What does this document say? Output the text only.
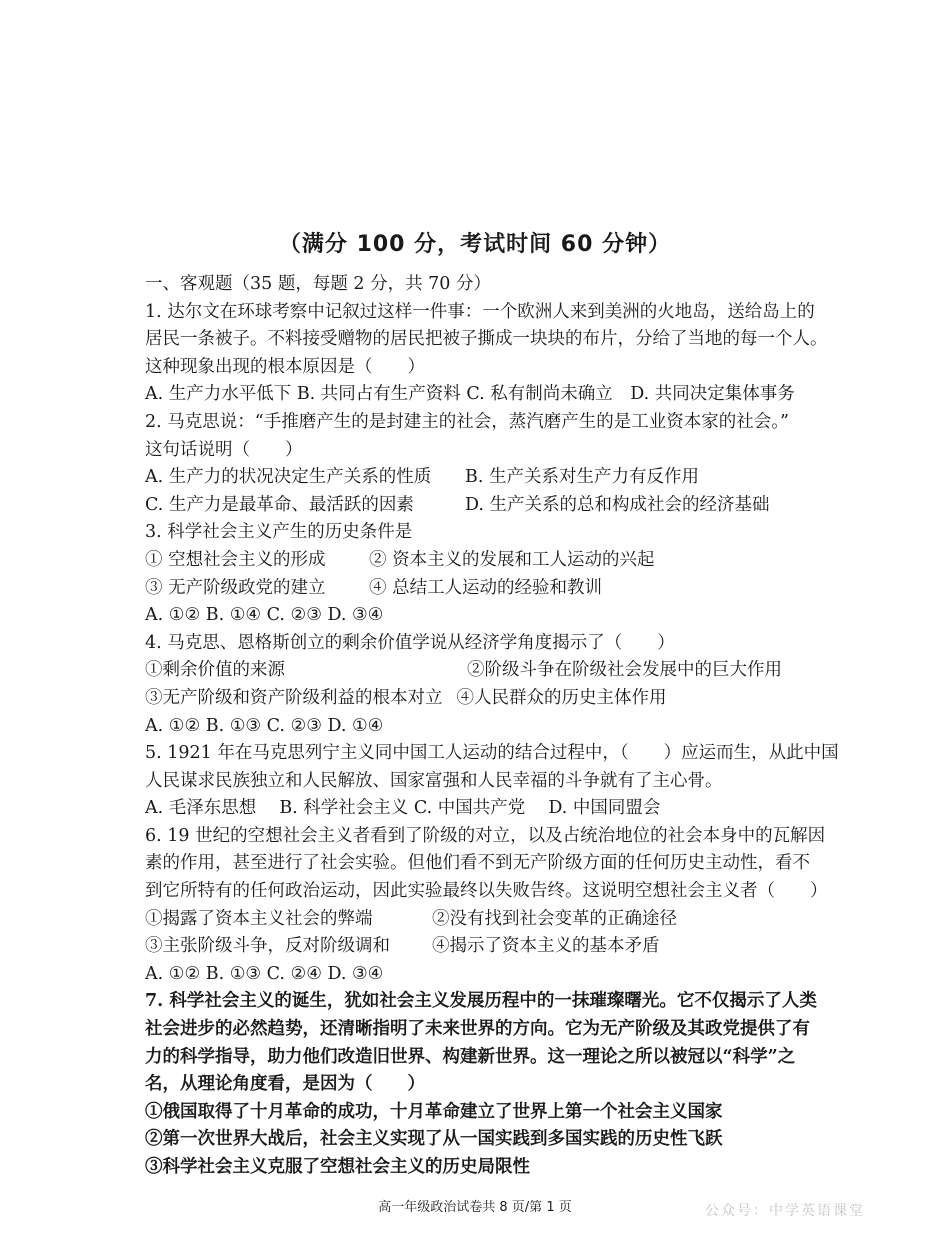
（满分 100 分，考试时间 60 分钟）
一、客观题（35 题，每题 2 分，共 70 分）
1. 达尔文在环球考察中记叙过这样一件事：一个欧洲人来到美洲的火地岛，送给岛上的
居民一条被子。不料接受赠物的居民把被子撕成一块块的布片，分给了当地的每一个人。
这种现象出现的根本原因是（　　）
A. 生产力水平低下 B. 共同占有生产资料 C. 私有制尚未确立　D. 共同决定集体事务
2. 马克思说：“手推磨产生的是封建主的社会，蒸汽磨产生的是工业资本家的社会。”
这句话说明（　　）
A. 生产力的状况决定生产关系的性质	B. 生产关系对生产力有反作用
C. 生产力是最革命、最活跃的因素	D. 生产关系的总和构成社会的经济基础
3. 科学社会主义产生的历史条件是
① 空想社会主义的形成	② 资本主义的发展和工人运动的兴起
③ 无产阶级政党的建立	④ 总结工人运动的经验和教训
A. ①② B. ①④ C. ②③ D. ③④
4. 马克思、恩格斯创立的剩余价值学说从经济学角度揭示了（　　）
①剩余价值的来源	②阶级斗争在阶级社会发展中的巨大作用
③无产阶级和资产阶级利益的根本对立 ④人民群众的历史主体作用
A. ①② B. ①③ C. ②③ D. ①④
5. 1921 年在马克思列宁主义同中国工人运动的结合过程中，（　　）应运而生，从此中国
人民谋求民族独立和人民解放、国家富强和人民幸福的斗争就有了主心骨。
A. 毛泽东思想　 B. 科学社会主义 C. 中国共产党　 D. 中国同盟会
6. 19 世纪的空想社会主义者看到了阶级的对立，以及占统治地位的社会本身中的瓦解因
素的作用，甚至进行了社会实验。但他们看不到无产阶级方面的任何历史主动性，看不
到它所特有的任何政治运动，因此实验最终以失败告终。这说明空想社会主义者（　　）
①揭露了资本主义社会的弊端	②没有找到社会变革的正确途径
③主张阶级斗争，反对阶级调和	④揭示了资本主义的基本矛盾
A. ①② B. ①③ C. ②④ D. ③④
7. 科学社会主义的诞生，犹如社会主义发展历程中的一抹璀璨曙光。它不仅揭示了人类
社会进步的必然趋势，还清晰指明了未来世界的方向。它为无产阶级及其政党提供了有
力的科学指导，助力他们改造旧世界、构建新世界。这一理论之所以被冠以“科学”之
名，从理论角度看，是因为（　　）
①俄国取得了十月革命的成功，十月革命建立了世界上第一个社会主义国家
②第一次世界大战后，社会主义实现了从一国实践到多国实践的历史性飞跃
③科学社会主义克服了空想社会主义的历史局限性
高一年级政治试卷共 8 页/第 1 页	公众号：中学英语课堂
